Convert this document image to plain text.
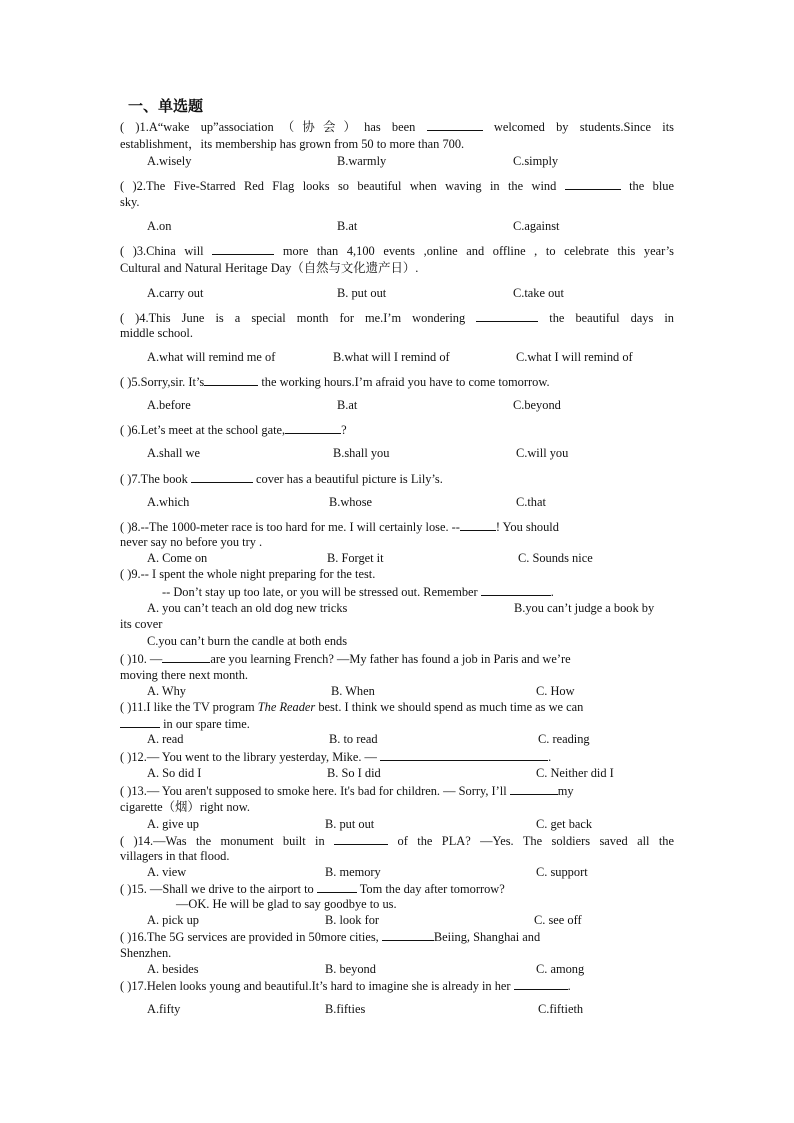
一、单选题
( )1.A“wake up”association（协会）has been	welcomed by students.Since its
establishment，its membership has grown from 50 to more than 700.
A.wisely	B.warmly	C.simply
( )2.The Five-Starred Red Flag looks so beautiful when waving in the wind	the blue
sky.
A.on	B.at	C.against
( )3.China will	more than 4,100 events ,online and offline , to celebrate this year’s
Cultural and Natural Heritage Day（自然与文化遗产日）.
A.carry out	B. put out	C.take out
( )4.This June is a special month for me.I’m wondering	the beautiful days in
middle school.
A.what will remind me of	B.what will I remind of	C.what I will remind of
( )5.Sorry,sir. It’s	the working hours.I’m afraid you have to come tomorrow.
A.before	B.at	C.beyond
( )6.Let’s meet at the school gate,	?
A.shall we	B.shall you	C.will you
( )7.The book	cover has a beautiful picture is Lily’s.
A.which	B.whose	C.that
( )8.--The 1000-meter race is too hard for me. I will certainly lose. --	! You should
never say no before you try .
A. Come on	B. Forget it	C. Sounds nice
( )9.-- I spent the whole night preparing for the test.
-- Don’t stay up too late, or you will be stressed out. Remember	.
A. you can’t teach an old dog new tricks	B.you can’t judge a book by
its cover
C.you can’t burn the candle at both ends
( )10. —	are you learning French? —My father has found a job in Paris and we’re
moving there next month.
A. Why	B. When	C. How
( )11.I like the TV program The Reader best. I think we should spend as much time as we can
in our spare time.
A. read	B. to read	C. reading
( )12.— You went to the library yesterday, Mike. —	.
A. So did I	B. So I did	C. Neither did I
( )13.— You aren't supposed to smoke here. It's bad for children. — Sorry, I’ll	my
cigarette（烟）right now.
A. give up	B. put out	C. get back
( )14.—Was the monument built in	of the PLA? —Yes. The soldiers saved all the
villagers in that flood.
A. view	B. memory	C. support
( )15. —Shall we drive to the airport to	Tom the day after tomorrow?
—OK. He will be glad to say goodbye to us.
A. pick up	B. look for	C. see off
( )16.The 5G services are provided in 50more cities,	Beiing, Shanghai and
Shenzhen.
A. besides	B. beyond	C. among
( )17.Helen looks young and beautiful.It’s hard to imagine she is already in her	.
A.fifty	B.fifties	C.fiftieth
